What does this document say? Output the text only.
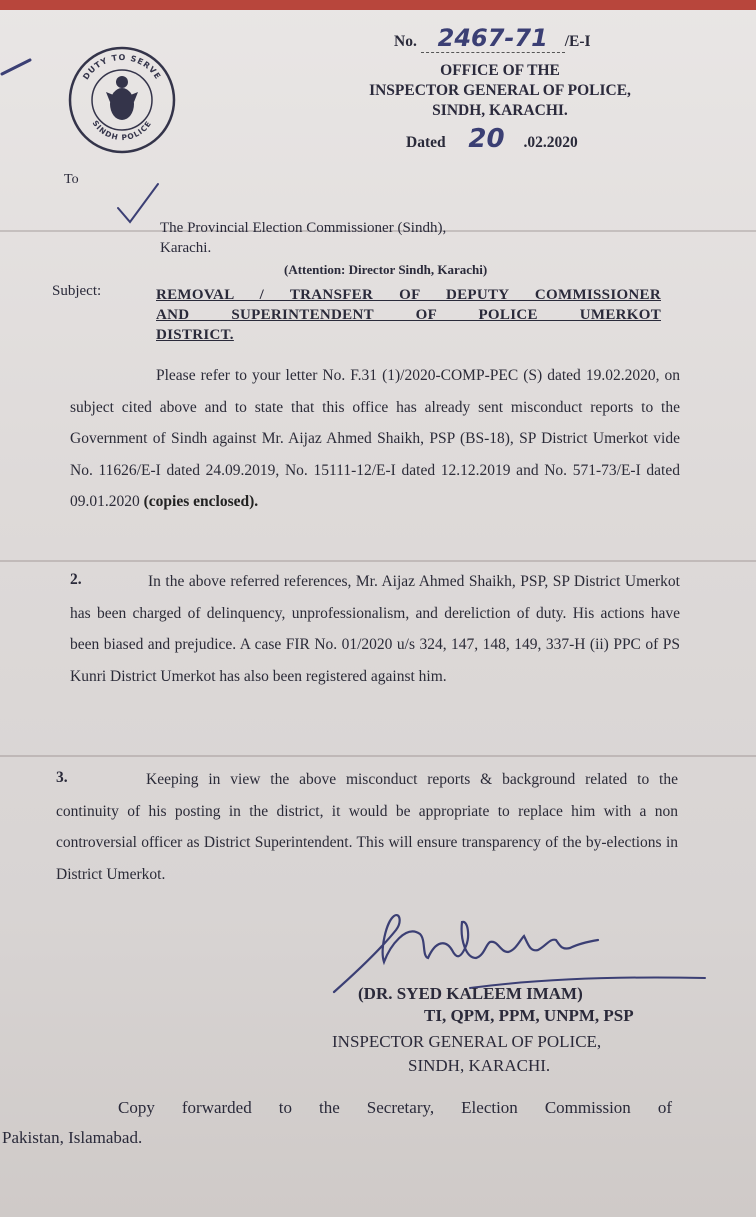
DUTY TO SERVE
SINDH POLICE
No. 2467-71 /E-I
OFFICE OF THE
INSPECTOR GENERAL OF POLICE,
SINDH, KARACHI.
Dated 20 .02.2020
To
The Provincial Election Commissioner (Sindh),
Karachi.
(Attention: Director Sindh, Karachi)
Subject:	REMOVAL / TRANSFER OF DEPUTY COMMISSIONER
AND SUPERINTENDENT OF POLICE UMERKOT
DISTRICT.

Please refer to your letter No. F.31 (1)/2020-COMP-PEC (S) dated 19.02.2020, on subject cited above and to state that this office has already sent misconduct reports to the Government of Sindh against Mr. Aijaz Ahmed Shaikh, PSP (BS-18), SP District Umerkot vide No. 11626/E-I dated 24.09.2019, No. 15111-12/E-I dated 12.12.2019 and No. 571-73/E-I dated 09.01.2020 (copies enclosed).

2.	In the above referred references, Mr. Aijaz Ahmed Shaikh, PSP, SP District Umerkot has been charged of delinquency, unprofessionalism, and dereliction of duty. His actions have been biased and prejudice. A case FIR No. 01/2020 u/s 324, 147, 148, 149, 337-H (ii) PPC of PS Kunri District Umerkot has also been registered against him.

3.	Keeping in view the above misconduct reports & background related to the continuity of his posting in the district, it would be appropriate to replace him with a non controversial officer as District Superintendent. This will ensure transparency of the by-elections in District Umerkot.

(DR. SYED KALEEM IMAM)
TI, QPM, PPM, UNPM, PSP
INSPECTOR GENERAL OF POLICE,
SINDH, KARACHI.
Copy forwarded to the Secretary, Election Commission of
Pakistan, Islamabad.
